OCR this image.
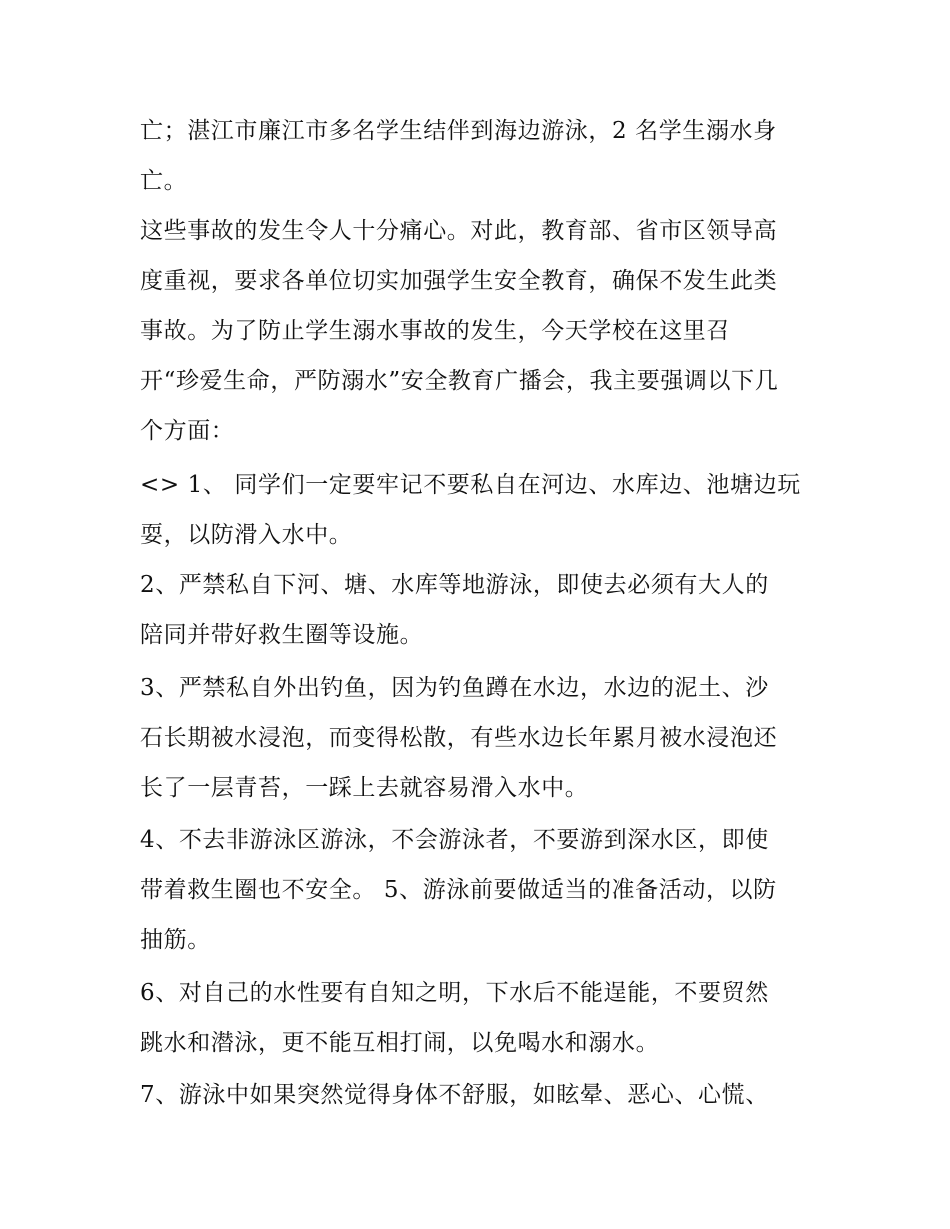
亡；湛江市廉江市多名学生结伴到海边游泳，2 名学生溺水身
亡。
这些事故的发生令人十分痛心。对此，教育部、省市区领导高
度重视，要求各单位切实加强学生安全教育，确保不发生此类
事故。为了防止学生溺水事故的发生，今天学校在这里召
开“珍爱生命，严防溺水”安全教育广播会，我主要强调以下几
个方面：
<> 1、 同学们一定要牢记不要私自在河边、水库边、池塘边玩
耍，以防滑入水中。
2、严禁私自下河、塘、水库等地游泳，即使去必须有大人的
陪同并带好救生圈等设施。
3、严禁私自外出钓鱼，因为钓鱼蹲在水边，水边的泥土、沙
石长期被水浸泡，而变得松散，有些水边长年累月被水浸泡还
长了一层青苔，一踩上去就容易滑入水中。
4、不去非游泳区游泳，不会游泳者，不要游到深水区，即使
带着救生圈也不安全。 5、游泳前要做适当的准备活动，以防
抽筋。
6、对自己的水性要有自知之明，下水后不能逞能，不要贸然
跳水和潜泳，更不能互相打闹，以免喝水和溺水。
7、游泳中如果突然觉得身体不舒服，如眩晕、恶心、心慌、
